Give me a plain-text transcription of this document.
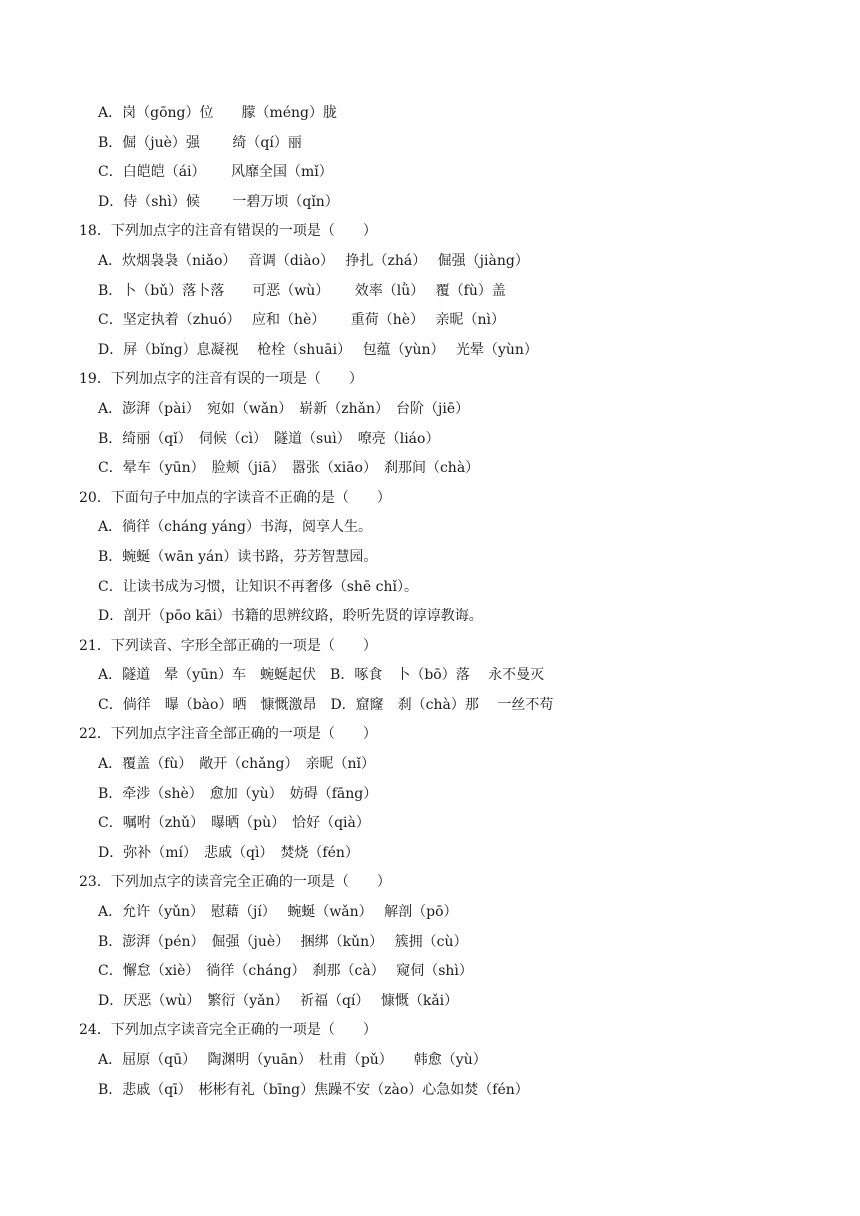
A．岗（gōng）位　　朦（méng）胧
B．倔（juè）强　　 绮（qí）丽
C．白皑皑（ái）　　 风靡全国（mǐ）
D．侍（shì）候　　 一碧万顷（qǐn）
18．下列加点字的注音有错误的一项是（　　）
A．炊烟袅袅（niǎo）　 音调（diào）　 挣扎（zhá）　 倔强（jiàng）
B．卜（bǔ）落卜落　　可恶（wù）　　 效率（lǜ）　 覆（fù）盖
C．坚定执着（zhuó）　 应和（hè）　　 重荷（hè）　 亲昵（nì）
D．屏（bǐng）息凝视　 枪栓（shuāi）　 包蕴（yùn）　 光晕（yùn）
19．下列加点字的注音有误的一项是（　　）
A．澎湃（pài）　宛如（wǎn）　崭新（zhǎn）　台阶（jiē）
B．绮丽（qǐ）　伺候（cì）　隧道（suì）　嘹亮（liáo）
C．晕车（yūn）　脸颊（jiā）　嚣张（xiāo）　刹那间（chà）
20．下面句子中加点的字读音不正确的是（　　）
A．徜徉（cháng yáng）书海，阅享人生。
B．蜿蜒（wān yán）读书路，芬芳智慧园。
C．让读书成为习惯，让知识不再奢侈（shē chǐ）。
D．剖开（pōo kāi）书籍的思辨纹路，聆听先贤的谆谆教诲。
21．下列读音、字形全部正确的一项是（　　）
A．隧道　晕（yūn）车　蜿蜒起伏　B．啄食　卜（bō）落　 永不曼灭
C．倘徉　曝（bào）晒　慷慨激昂　D．窟窿　刹（chà）那　 一丝不苟
22．下列加点字注音全部正确的一项是（　　）
A．覆盖（fù）　敞开（chǎng）　亲昵（nǐ）
B．牵涉（shè）　愈加（yù）　妨碍（fāng）
C．嘱咐（zhǔ）　曝晒（pù）　恰好（qià）
D．弥补（mí）　悲戚（qì）　焚烧（fén）
23．下列加点字的读音完全正确的一项是（　　）
A．允许（yǔn）　慰藉（jí）　 蜿蜒（wǎn）　 解剖（pō）
B．澎湃（pén）　倔强（juè）　 捆绑（kǔn）　 簇拥（cù）
C．懈怠（xiè）　徜徉（cháng）　刹那（cà）　 窥伺（shì）
D．厌恶（wù）　繁衍（yǎn）　 祈福（qí）　 慷慨（kǎi）
24．下列加点字读音完全正确的一项是（　　）
A．屈原（qū）　 陶渊明（yuān）　杜甫（pǔ）　　韩愈（yù）
B．悲戚（qī）　彬彬有礼（bīng）焦躁不安（zào）心急如焚（fén）
